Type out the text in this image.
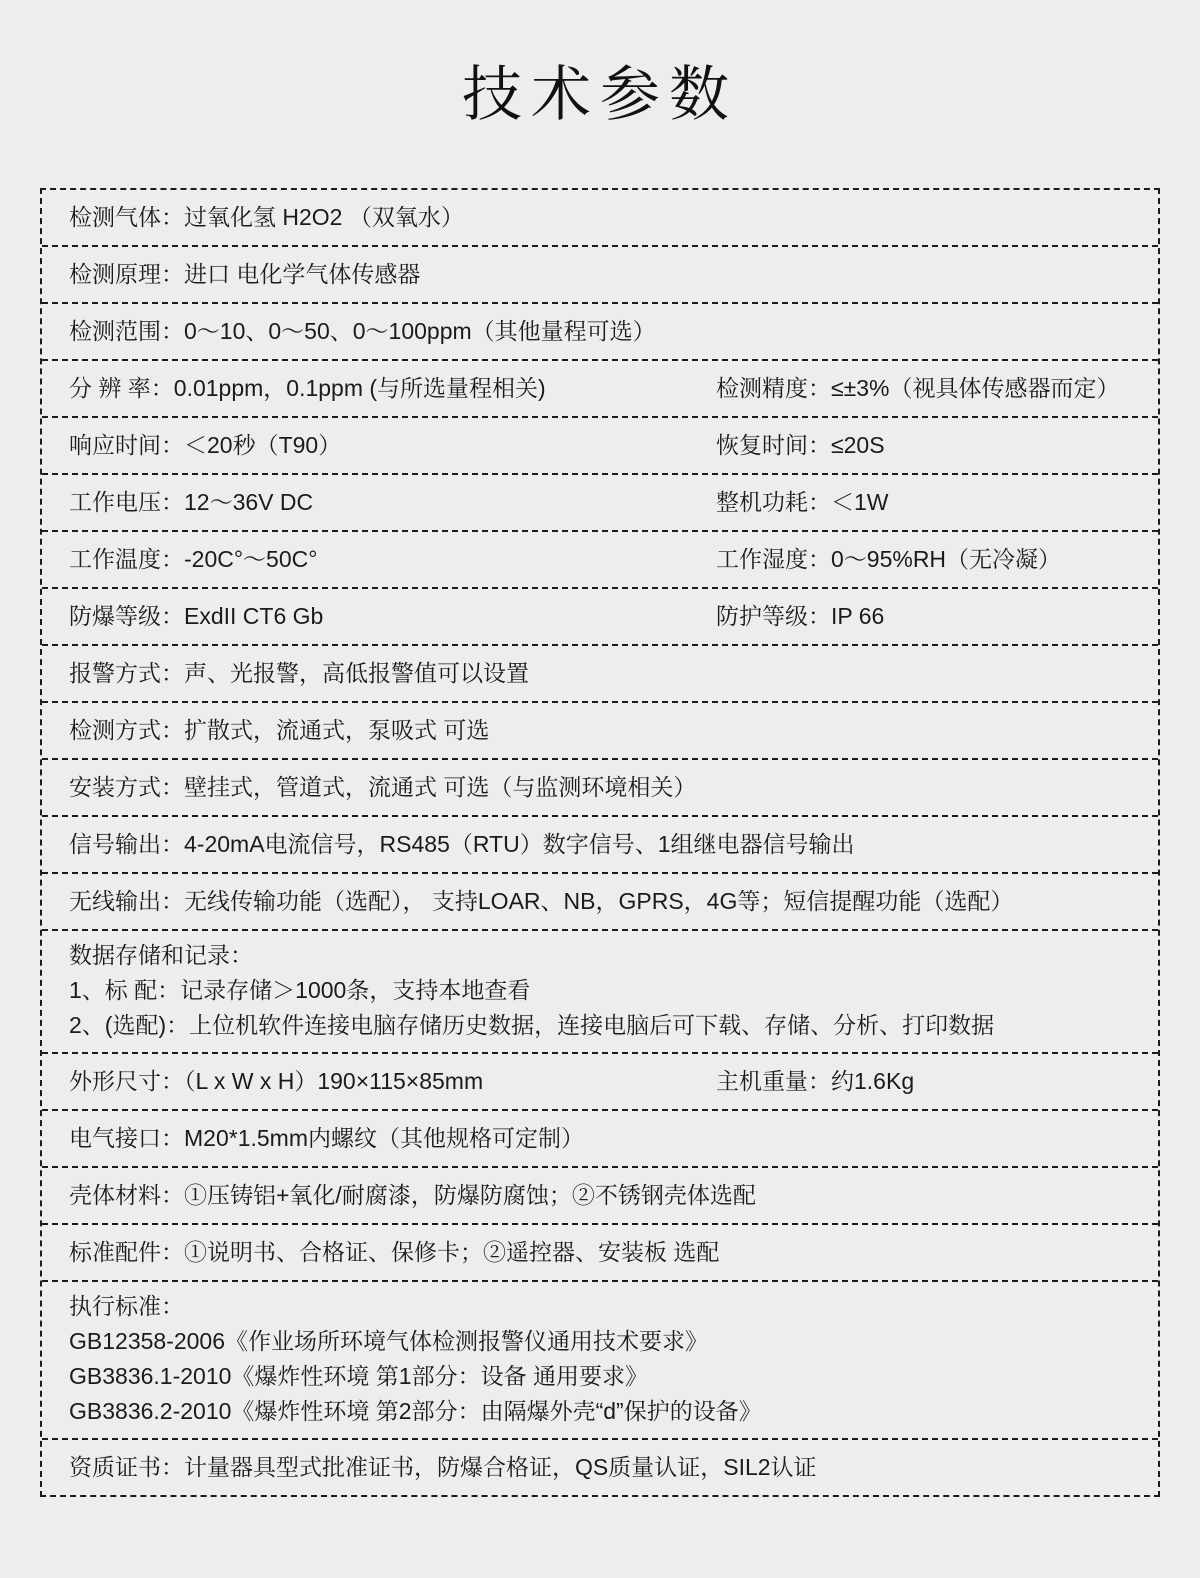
技术参数
检测气体：过氧化氢 H2O2 （双氧水）
检测原理：进口 电化学气体传感器
检测范围：0～10、0～50、0～100ppm（其他量程可选）
分 辨 率：0.01ppm，0.1ppm (与所选量程相关)	检测精度：≤±3%（视具体传感器而定）
响应时间：＜20秒（T90）	恢复时间：≤20S
工作电压：12～36V DC	整机功耗：＜1W
工作温度：-20C°～50C°	工作湿度：0～95%RH（无冷凝）
防爆等级：ExdII CT6 Gb	防护等级：IP 66
报警方式：声、光报警，高低报警值可以设置
检测方式：扩散式，流通式，泵吸式 可选
安装方式：壁挂式，管道式，流通式 可选（与监测环境相关）
信号输出：4-20mA电流信号，RS485（RTU）数字信号、1组继电器信号输出
无线输出：无线传输功能（选配）， 支持LOAR、NB，GPRS，4G等；短信提醒功能（选配）
数据存储和记录：
1、标 配：记录存储＞1000条，支持本地查看
2、(选配)：上位机软件连接电脑存储历史数据，连接电脑后可下载、存储、分析、打印数据
外形尺寸：（L x W x H）190×115×85mm	主机重量：约1.6Kg
电气接口：M20*1.5mm内螺纹（其他规格可定制）
壳体材料：①压铸铝+氧化/耐腐漆，防爆防腐蚀；②不锈钢壳体选配
标准配件：①说明书、合格证、保修卡；②遥控器、安装板 选配
执行标准：
GB12358-2006《作业场所环境气体检测报警仪通用技术要求》
GB3836.1-2010《爆炸性环境 第1部分：设备 通用要求》
GB3836.2-2010《爆炸性环境 第2部分：由隔爆外壳“d”保护的设备》
资质证书：计量器具型式批准证书，防爆合格证，QS质量认证，SIL2认证
